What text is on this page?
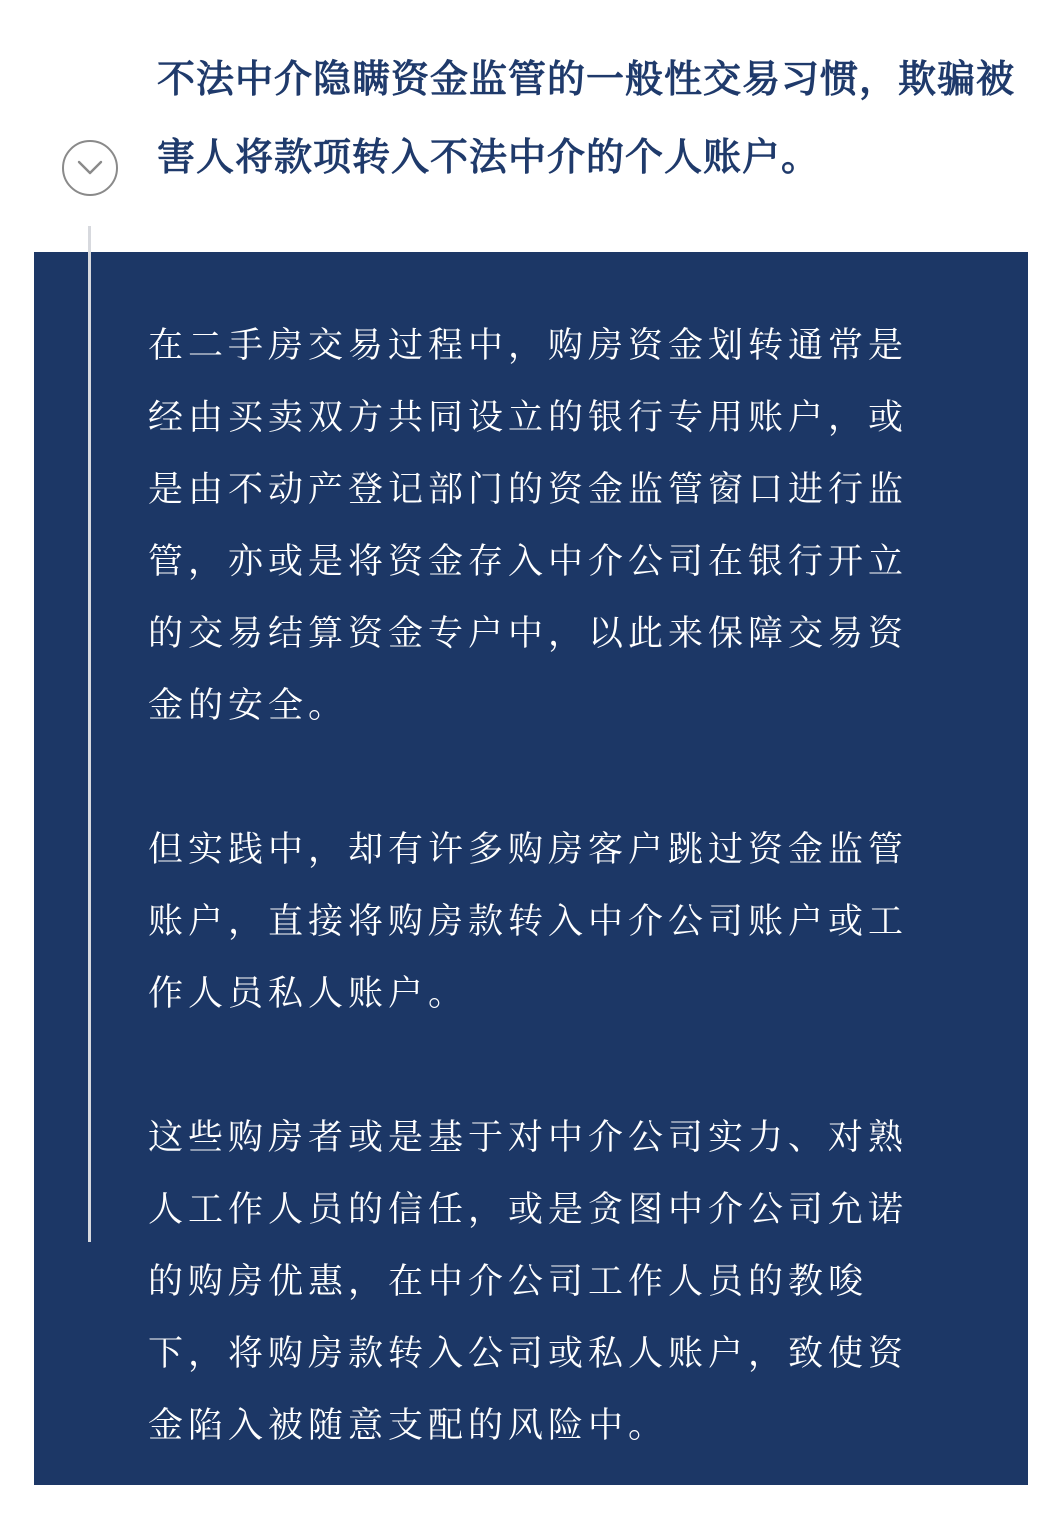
不法中介隐瞒资金监管的一般性交易习惯，欺骗被害人将款项转入不法中介的个人账户。

在二手房交易过程中，购房资金划转通常是经由买卖双方共同设立的银行专用账户，或是由不动产登记部门的资金监管窗口进行监管，亦或是将资金存入中介公司在银行开立的交易结算资金专户中，以此来保障交易资金的安全。

但实践中，却有许多购房客户跳过资金监管账户，直接将购房款转入中介公司账户或工作人员私人账户。

这些购房者或是基于对中介公司实力、对熟人工作人员的信任，或是贪图中介公司允诺的购房优惠，在中介公司工作人员的教唆下，将购房款转入公司或私人账户，致使资金陷入被随意支配的风险中。
